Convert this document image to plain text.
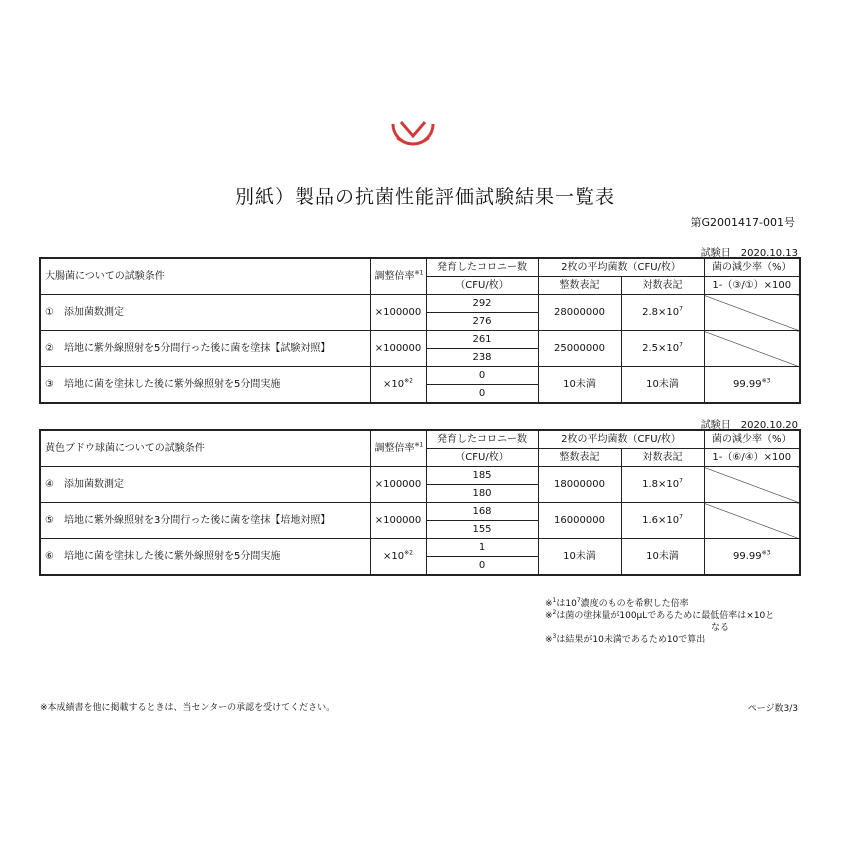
別紙）製品の抗菌性能評価試験結果一覧表
第G2001417-001号
試験日　2020.10.13
大腸菌についての試験条件	調整倍率$^{※1}$	発育したコロニー数	2枚の平均菌数（CFU/枚）		菌の減少率（%）
		（CFU/枚）	整数表記	対数表記	1-（③/①）×100
①　添加菌数測定	×100000	292	28000000	$2.8\times 10^7$	
		276			
②　培地に紫外線照射を5分間行った後に菌を塗抹【試験対照】	×100000	261	25000000	$2.5\times 10^7$	
		238			
③　培地に菌を塗抹した後に紫外線照射を5分間実施	$\times 10^{※2}$	0	10未満	10未満	99.99$^{※3}$
		0			
試験日　2020.10.20
黄色ブドウ球菌についての試験条件	調整倍率$^{※1}$	発育したコロニー数	2枚の平均菌数（CFU/枚）		菌の減少率（%）
		（CFU/枚）	整数表記	対数表記	1-（⑥/④）×100
④　添加菌数測定	×100000	185	18000000	$1.8\times 10^7$	
		180			
⑤　培地に紫外線照射を3分間行った後に菌を塗抹【培地対照】	×100000	168	16000000	$1.6\times 10^7$	
		155			
⑥　培地に菌を塗抹した後に紫外線照射を5分間実施	$\times 10^{※2}$	1	10未満	10未満	99.99$^{※3}$
		0			
※$^1$は$10^7$濃度のものを希釈した倍率
※$^2$は菌の塗抹量が100μLであるために最低倍率は×10と
なる
※$^3$は結果が10未満であるため10で算出
※本成績書を他に掲載するときは、当センターの承認を受けてください。	ページ数3/3
